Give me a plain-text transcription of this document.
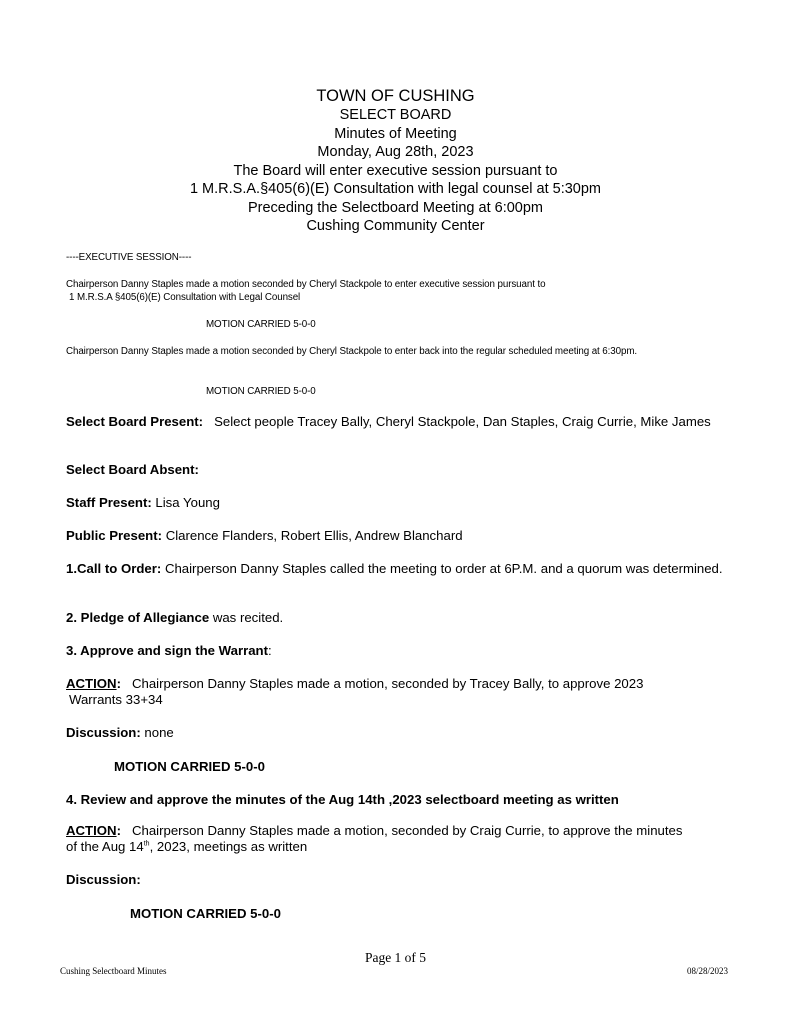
TOWN OF CUSHING
SELECT BOARD
Minutes of Meeting
Monday, Aug 28th, 2023
The Board will enter executive session pursuant to
1 M.R.S.A.§405(6)(E) Consultation with legal counsel at 5:30pm
Preceding the Selectboard Meeting at 6:00pm
Cushing Community Center
----EXECUTIVE SESSION----
Chairperson Danny Staples made a motion seconded by Cheryl Stackpole to enter executive session pursuant to
1 M.R.S.A §405(6)(E) Consultation with Legal Counsel
MOTION CARRIED 5-0-0
Chairperson Danny Staples made a motion seconded by Cheryl Stackpole to enter back into the regular scheduled meeting at 6:30pm.
MOTION CARRIED 5-0-0
Select Board Present: Select people Tracey Bally, Cheryl Stackpole, Dan Staples, Craig Currie, Mike James
Select Board Absent:
Staff Present: Lisa Young
Public Present: Clarence Flanders, Robert Ellis, Andrew Blanchard
1.Call to Order: Chairperson Danny Staples called the meeting to order at 6P.M. and a quorum was determined.
2. Pledge of Allegiance was recited.
3. Approve and sign the Warrant:
ACTION: Chairperson Danny Staples made a motion, seconded by Tracey Bally, to approve 2023
Warrants 33+34
Discussion: none
MOTION CARRIED 5-0-0
4. Review and approve the minutes of the Aug 14th ,2023 selectboard meeting as written
ACTION: Chairperson Danny Staples made a motion, seconded by Craig Currie, to approve the minutes
of the Aug 14th, 2023, meetings as written
Discussion:
MOTION CARRIED 5-0-0
Page 1 of 5
Cushing Selectboard Minutes	08/28/2023
